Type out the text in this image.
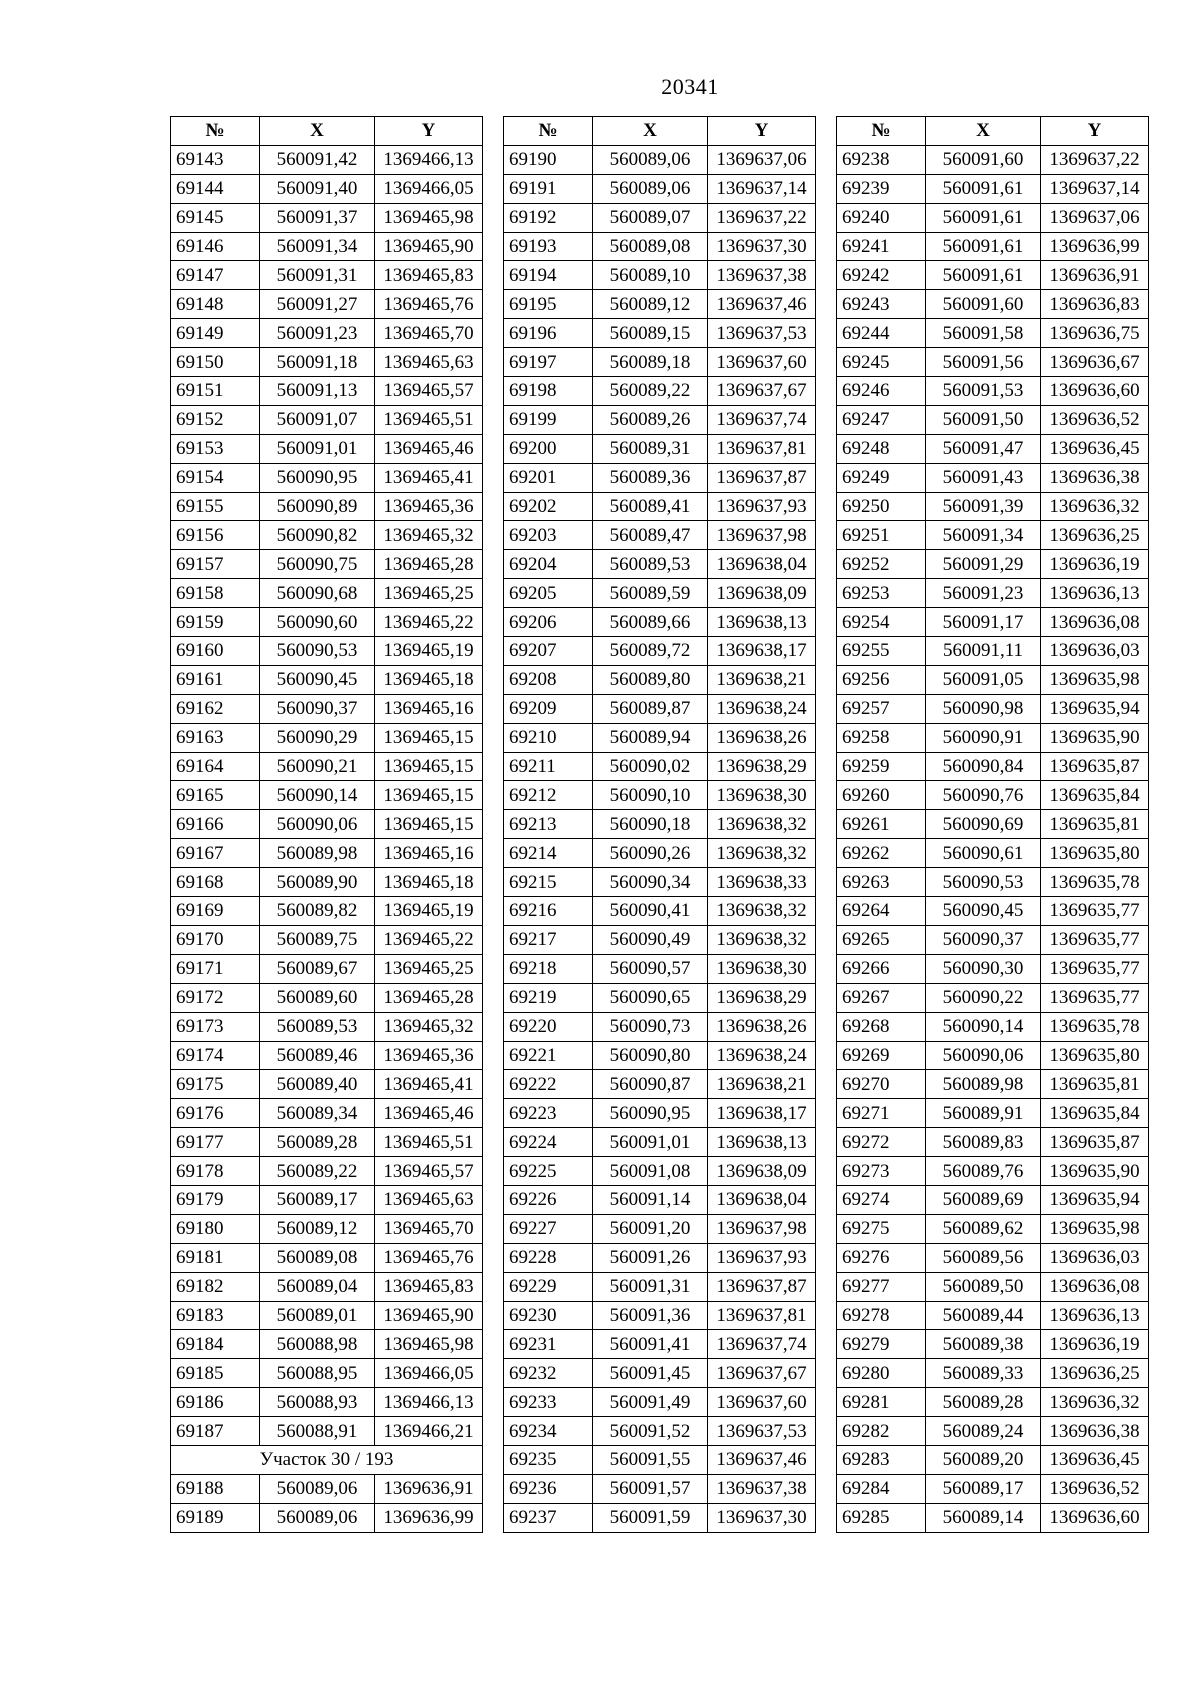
20341
№	X	Y
69143	560091,42	1369466,13
69144	560091,40	1369466,05
69145	560091,37	1369465,98
69146	560091,34	1369465,90
69147	560091,31	1369465,83
69148	560091,27	1369465,76
69149	560091,23	1369465,70
69150	560091,18	1369465,63
69151	560091,13	1369465,57
69152	560091,07	1369465,51
69153	560091,01	1369465,46
69154	560090,95	1369465,41
69155	560090,89	1369465,36
69156	560090,82	1369465,32
69157	560090,75	1369465,28
69158	560090,68	1369465,25
69159	560090,60	1369465,22
69160	560090,53	1369465,19
69161	560090,45	1369465,18
69162	560090,37	1369465,16
69163	560090,29	1369465,15
69164	560090,21	1369465,15
69165	560090,14	1369465,15
69166	560090,06	1369465,15
69167	560089,98	1369465,16
69168	560089,90	1369465,18
69169	560089,82	1369465,19
69170	560089,75	1369465,22
69171	560089,67	1369465,25
69172	560089,60	1369465,28
69173	560089,53	1369465,32
69174	560089,46	1369465,36
69175	560089,40	1369465,41
69176	560089,34	1369465,46
69177	560089,28	1369465,51
69178	560089,22	1369465,57
69179	560089,17	1369465,63
69180	560089,12	1369465,70
69181	560089,08	1369465,76
69182	560089,04	1369465,83
69183	560089,01	1369465,90
69184	560088,98	1369465,98
69185	560088,95	1369466,05
69186	560088,93	1369466,13
69187	560088,91	1369466,21
Участок 30 / 193		
69188	560089,06	1369636,91
69189	560089,06	1369636,99
№	X	Y
69190	560089,06	1369637,06
69191	560089,06	1369637,14
69192	560089,07	1369637,22
69193	560089,08	1369637,30
69194	560089,10	1369637,38
69195	560089,12	1369637,46
69196	560089,15	1369637,53
69197	560089,18	1369637,60
69198	560089,22	1369637,67
69199	560089,26	1369637,74
69200	560089,31	1369637,81
69201	560089,36	1369637,87
69202	560089,41	1369637,93
69203	560089,47	1369637,98
69204	560089,53	1369638,04
69205	560089,59	1369638,09
69206	560089,66	1369638,13
69207	560089,72	1369638,17
69208	560089,80	1369638,21
69209	560089,87	1369638,24
69210	560089,94	1369638,26
69211	560090,02	1369638,29
69212	560090,10	1369638,30
69213	560090,18	1369638,32
69214	560090,26	1369638,32
69215	560090,34	1369638,33
69216	560090,41	1369638,32
69217	560090,49	1369638,32
69218	560090,57	1369638,30
69219	560090,65	1369638,29
69220	560090,73	1369638,26
69221	560090,80	1369638,24
69222	560090,87	1369638,21
69223	560090,95	1369638,17
69224	560091,01	1369638,13
69225	560091,08	1369638,09
69226	560091,14	1369638,04
69227	560091,20	1369637,98
69228	560091,26	1369637,93
69229	560091,31	1369637,87
69230	560091,36	1369637,81
69231	560091,41	1369637,74
69232	560091,45	1369637,67
69233	560091,49	1369637,60
69234	560091,52	1369637,53
69235	560091,55	1369637,46
69236	560091,57	1369637,38
69237	560091,59	1369637,30
№	X	Y
69238	560091,60	1369637,22
69239	560091,61	1369637,14
69240	560091,61	1369637,06
69241	560091,61	1369636,99
69242	560091,61	1369636,91
69243	560091,60	1369636,83
69244	560091,58	1369636,75
69245	560091,56	1369636,67
69246	560091,53	1369636,60
69247	560091,50	1369636,52
69248	560091,47	1369636,45
69249	560091,43	1369636,38
69250	560091,39	1369636,32
69251	560091,34	1369636,25
69252	560091,29	1369636,19
69253	560091,23	1369636,13
69254	560091,17	1369636,08
69255	560091,11	1369636,03
69256	560091,05	1369635,98
69257	560090,98	1369635,94
69258	560090,91	1369635,90
69259	560090,84	1369635,87
69260	560090,76	1369635,84
69261	560090,69	1369635,81
69262	560090,61	1369635,80
69263	560090,53	1369635,78
69264	560090,45	1369635,77
69265	560090,37	1369635,77
69266	560090,30	1369635,77
69267	560090,22	1369635,77
69268	560090,14	1369635,78
69269	560090,06	1369635,80
69270	560089,98	1369635,81
69271	560089,91	1369635,84
69272	560089,83	1369635,87
69273	560089,76	1369635,90
69274	560089,69	1369635,94
69275	560089,62	1369635,98
69276	560089,56	1369636,03
69277	560089,50	1369636,08
69278	560089,44	1369636,13
69279	560089,38	1369636,19
69280	560089,33	1369636,25
69281	560089,28	1369636,32
69282	560089,24	1369636,38
69283	560089,20	1369636,45
69284	560089,17	1369636,52
69285	560089,14	1369636,60
